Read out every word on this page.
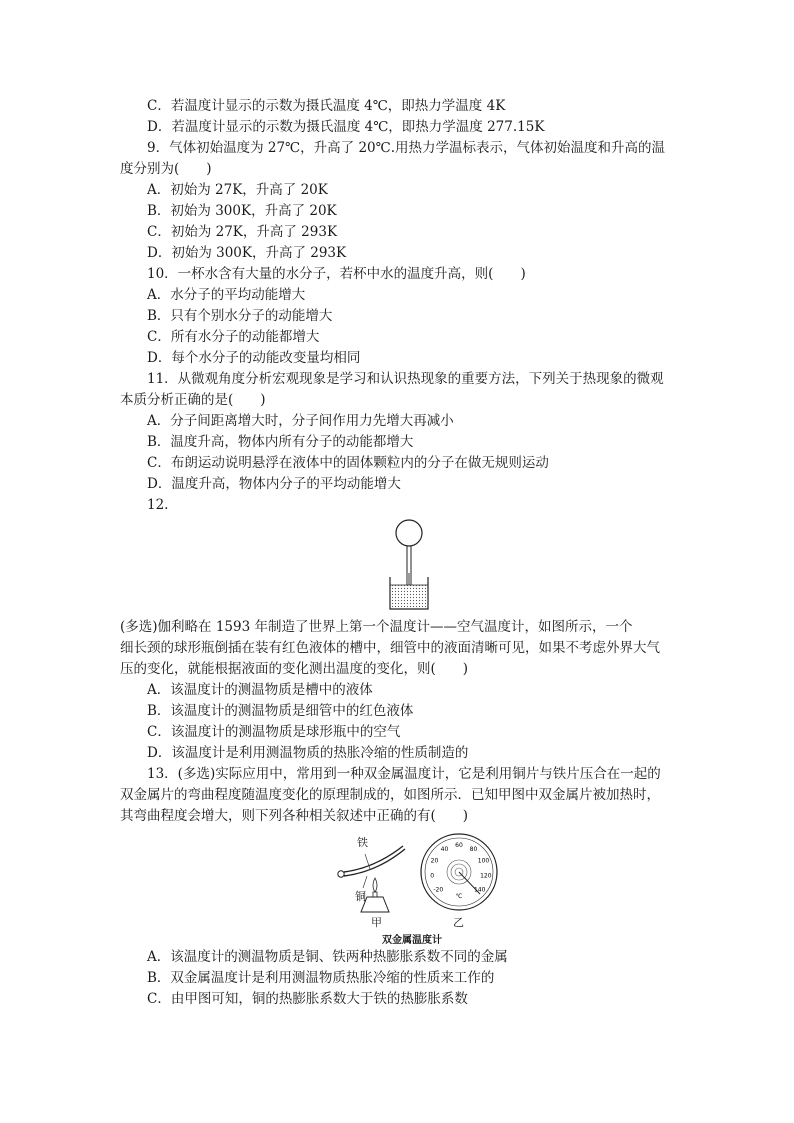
C．若温度计显示的示数为摄氏温度 4℃，即热力学温度 4K
D．若温度计显示的示数为摄氏温度 4℃，即热力学温度 277.15K
9．气体初始温度为 27℃，升高了 20℃.用热力学温标表示，气体初始温度和升高的温
度分别为(　　)
A．初始为 27K，升高了 20K
B．初始为 300K，升高了 20K
C．初始为 27K，升高了 293K
D．初始为 300K，升高了 293K
10．一杯水含有大量的水分子，若杯中水的温度升高，则(　　)
A．水分子的平均动能增大
B．只有个别水分子的动能增大
C．所有水分子的动能都增大
D．每个水分子的动能改变量均相同
11．从微观角度分析宏观现象是学习和认识热现象的重要方法，下列关于热现象的微观
本质分析正确的是(　　)
A．分子间距离增大时，分子间作用力先增大再减小
B．温度升高，物体内所有分子的动能都增大
C．布朗运动说明悬浮在液体中的固体颗粒内的分子在做无规则运动
D．温度升高，物体内分子的平均动能增大
12.
(多选)伽利略在 1593 年制造了世界上第一个温度计——空气温度计，如图所示，一个
细长颈的球形瓶倒插在装有红色液体的槽中，细管中的液面清晰可见，如果不考虑外界大气
压的变化，就能根据液面的变化测出温度的变化，则(　　)
A．该温度计的测温物质是槽中的液体
B．该温度计的测温物质是细管中的红色液体
C．该温度计的测温物质是球形瓶中的空气
D．该温度计是利用测温物质的热胀冷缩的性质制造的
13．(多选)实际应用中，常用到一种双金属温度计，它是利用铜片与铁片压合在一起的
双金属片的弯曲程度随温度变化的原理制成的，如图所示．已知甲图中双金属片被加热时，
其弯曲程度会增大，则下列各种相关叙述中正确的有(　　)
-20
0
20
40
60
80
100
120
140
℃
铁
铜
甲	乙
双金属温度计
A．该温度计的测温物质是铜、铁两种热膨胀系数不同的金属
B．双金属温度计是利用测温物质热胀冷缩的性质来工作的
C．由甲图可知，铜的热膨胀系数大于铁的热膨胀系数
